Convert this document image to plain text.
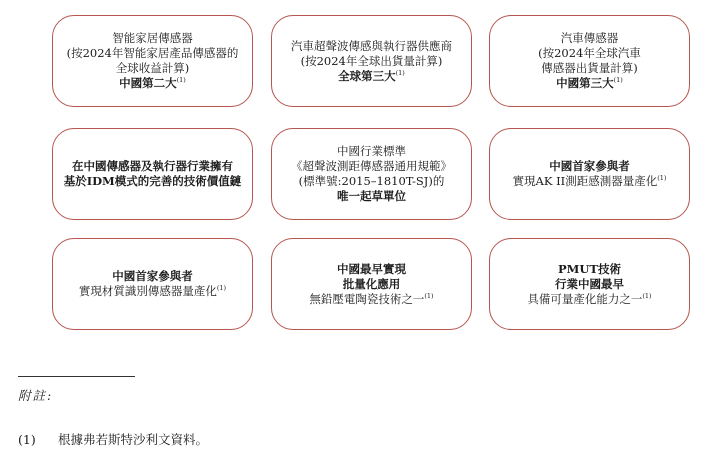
智能家居傳感器
(按2024年智能家居產品傳感器的
全球收益計算)
中國第二大$^{(1)}$
汽車超聲波傳感與執行器供應商
(按2024年全球出貨量計算)
全球第三大$^{(1)}$
汽車傳感器
(按2024年全球汽車
傳感器出貨量計算)
中國第三大$^{(1)}$
在中國傳感器及執行器行業擁有
基於IDM模式的完善的技術價值鏈
中國行業標準
《超聲波測距傳感器通用規範》
(標準號:2015–1810T-SJ)的
唯一起草單位
中國首家參與者
實現AK II測距感測器量產化$^{(1)}$
中國首家參與者
實現材質識別傳感器量產化$^{(1)}$
中國最早實現
批量化應用
無鉛壓電陶瓷技術之一$^{(1)}$
PMUT技術
行業中國最早
具備可量產化能力之一$^{(1)}$
附註:
(1) 根據弗若斯特沙利文資料。
